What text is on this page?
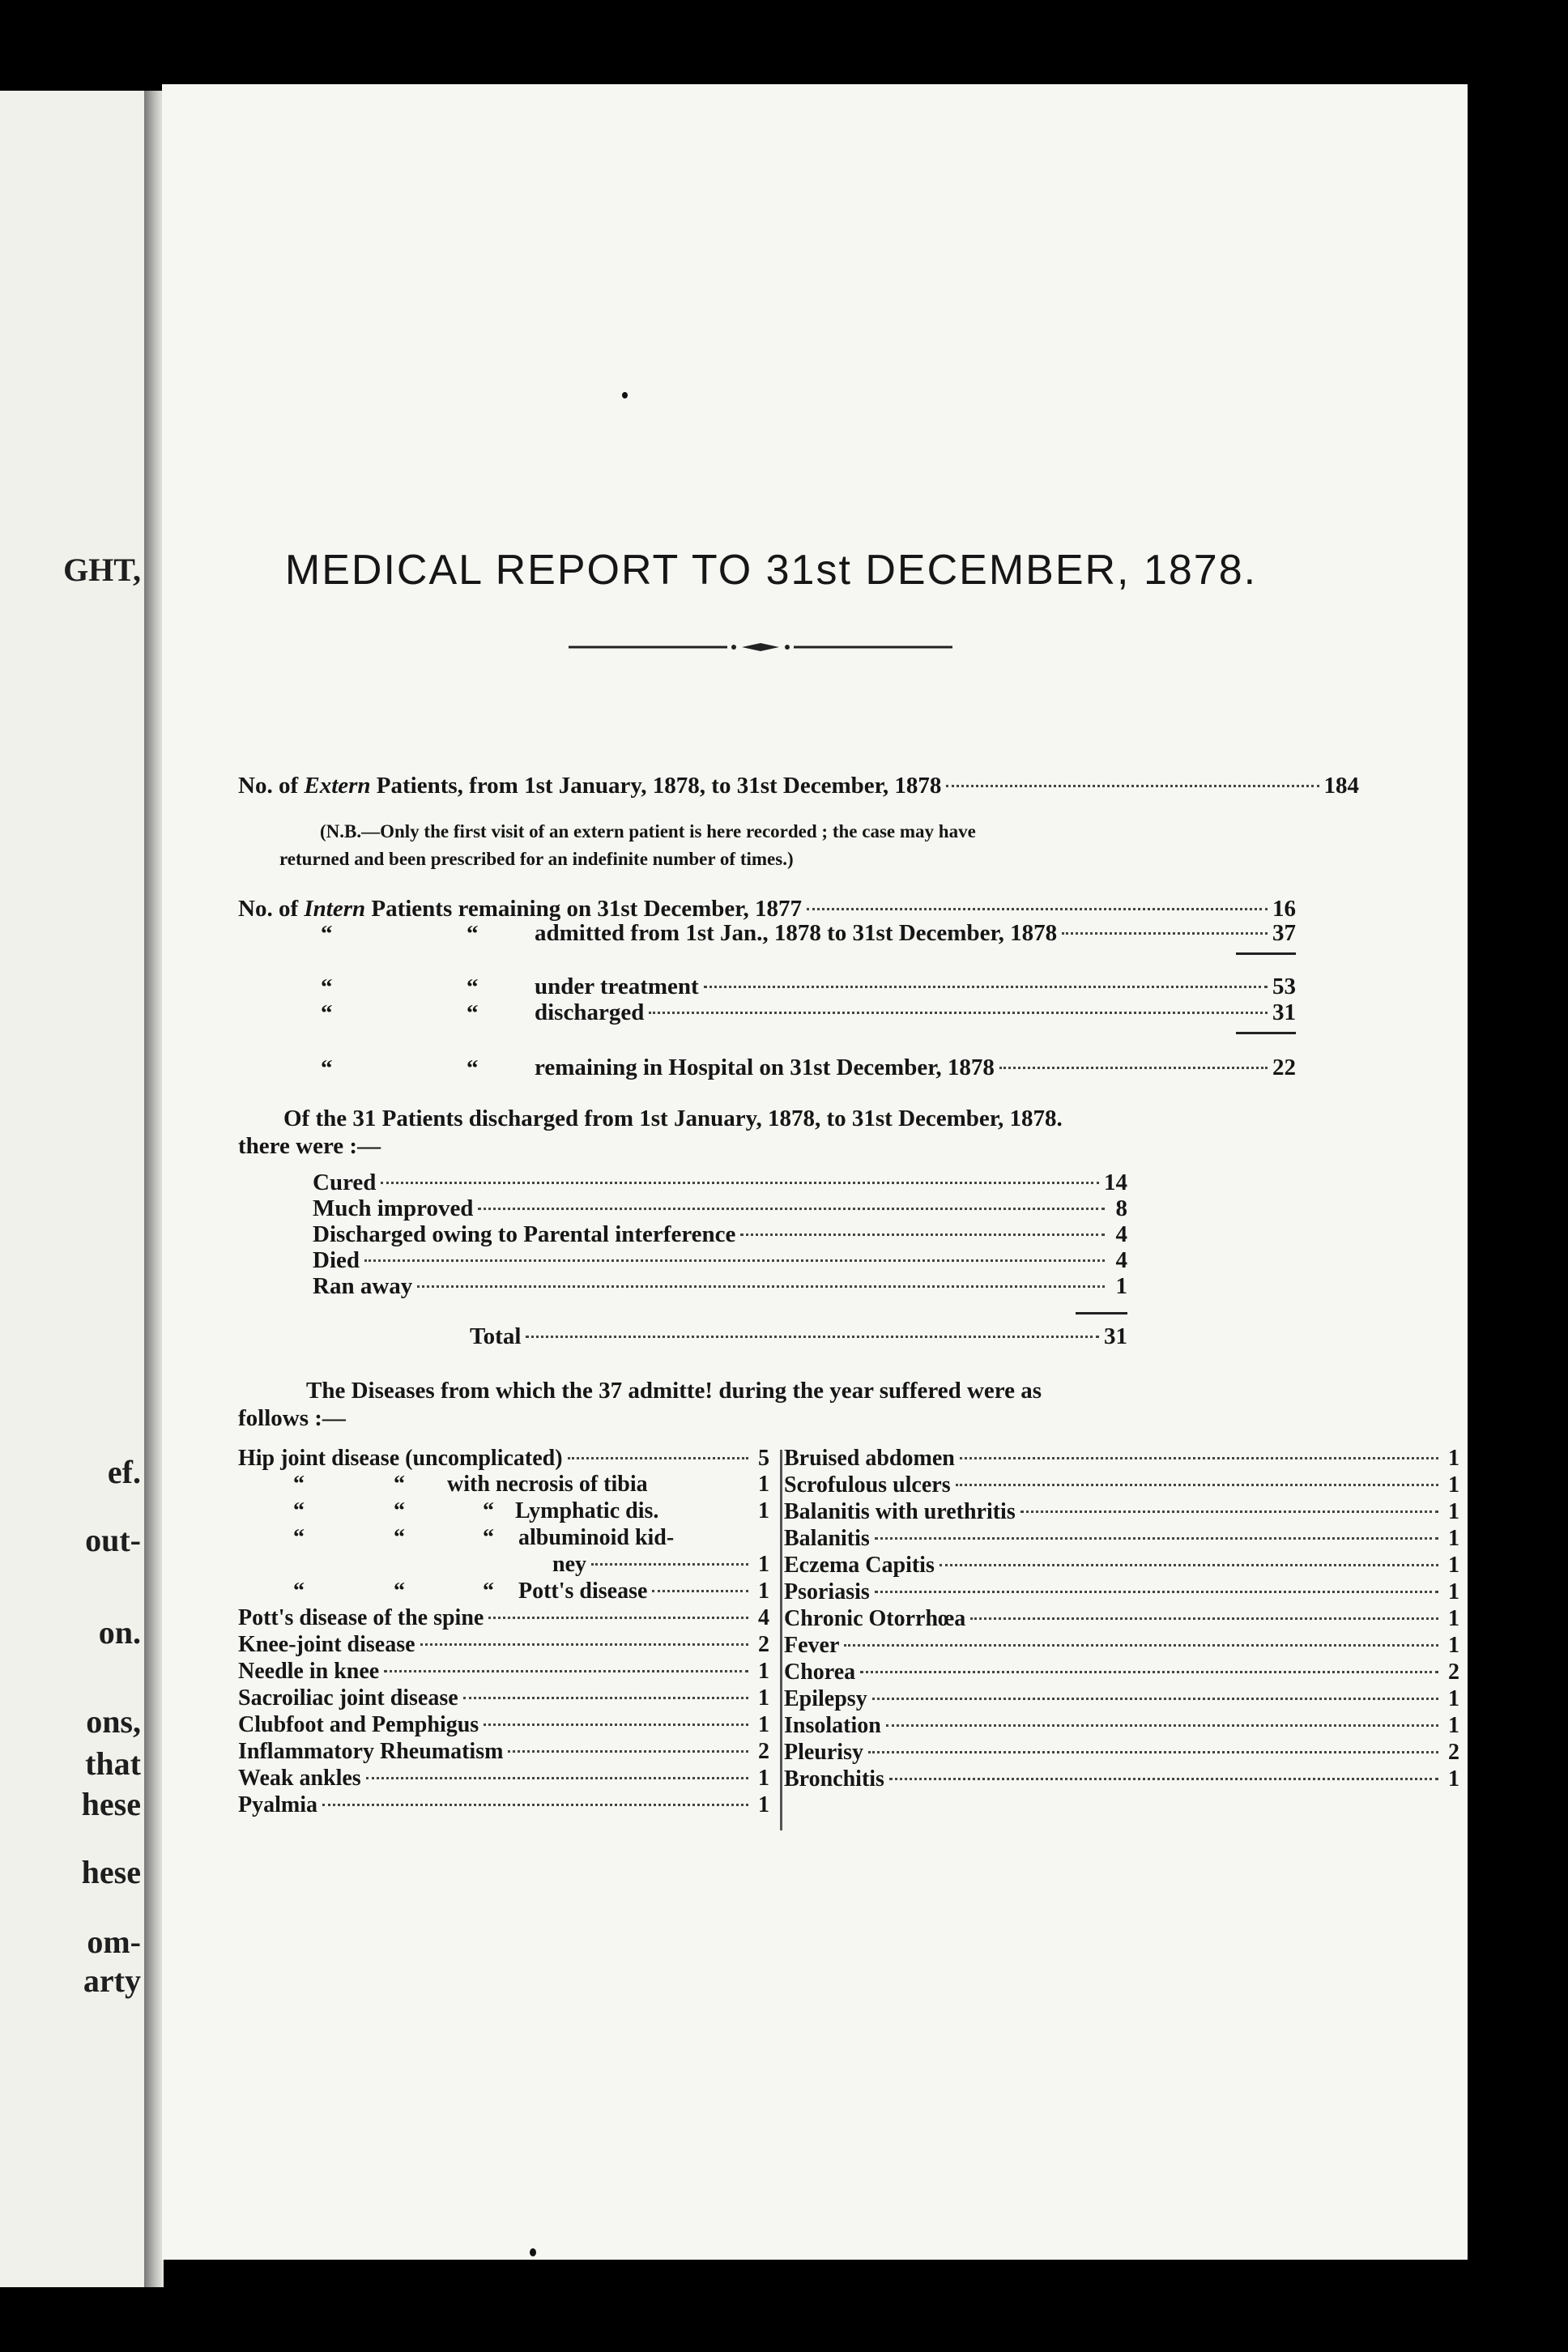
GHT,
ef.
out-
on.
ons,
that
hese
hese
om-
arty
MEDICAL REPORT TO 31st DECEMBER, 1878.
No. of Extern Patients, from 1st January, 1878, to 31st December, 1878	184
(N.B.—Only the first visit of an extern patient is here recorded ; the case may have
returned and been prescribed for an indefinite number of times.)
No. of Intern Patients remaining on 31st December, 1877	16
“	“ admitted from 1st Jan., 1878 to 31st December, 1878	37
“	“ under treatment	53
“	“ discharged	31
“	“ remaining in Hospital on 31st December, 1878	22
Of the 31 Patients discharged from 1st January, 1878, to 31st December, 1878.
there were :—
Cured	14
Much improved	8
Discharged owing to Parental interference	4
Died	4
Ran away	1
Total	31
The Diseases from which the 37 admitte! during the year suffered were as
follows :—
Hip joint disease (uncomplicated)	5
“	“ with necrosis of tibia	1
“	“	“ Lymphatic dis.	1
“	“	“ albuminoid kid-
ney	1
“	“	“ Pott's disease	1
Pott's disease of the spine	4
Knee-joint disease	2
Needle in knee	1
Sacroiliac joint disease	1
Clubfoot and Pemphigus	1
Inflammatory Rheumatism	2
Weak ankles	1
Pyalmia	1
Bruised abdomen	1
Scrofulous ulcers	1
Balanitis with urethritis	1
Balanitis	1
Eczema Capitis	1
Psoriasis	1
Chronic Otorrhœa	1
Fever	1
Chorea	2
Epilepsy	1
Insolation	1
Pleurisy	2
Bronchitis	1
